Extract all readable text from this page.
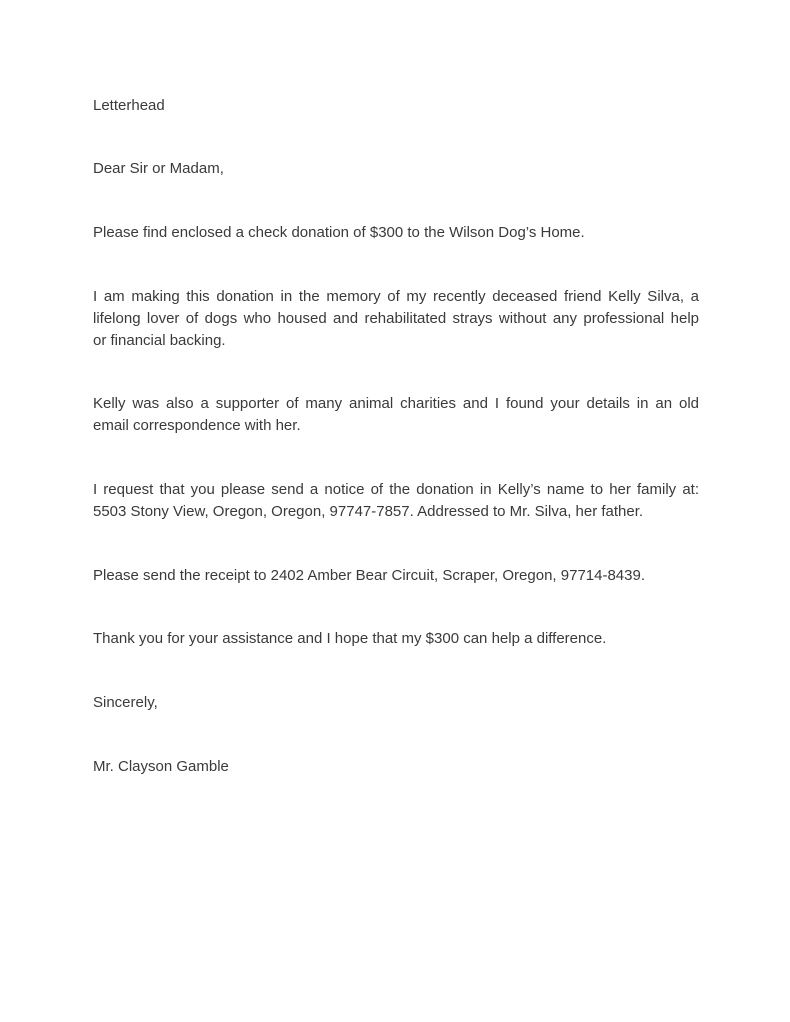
Letterhead

Dear Sir or Madam,

Please find enclosed a check donation of $300 to the Wilson Dog’s Home.

I am making this donation in the memory of my recently deceased friend Kelly Silva, a
lifelong lover of dogs who housed and rehabilitated strays without any professional help
or financial backing.

Kelly was also a supporter of many animal charities and I found your details in an old
email correspondence with her.

I request that you please send a notice of the donation in Kelly’s name to her family at:
5503 Stony View, Oregon, Oregon, 97747-7857. Addressed to Mr. Silva, her father.

Please send the receipt to 2402 Amber Bear Circuit, Scraper, Oregon, 97714-8439.

Thank you for your assistance and I hope that my $300 can help a difference.

Sincerely,

Mr. Clayson Gamble
